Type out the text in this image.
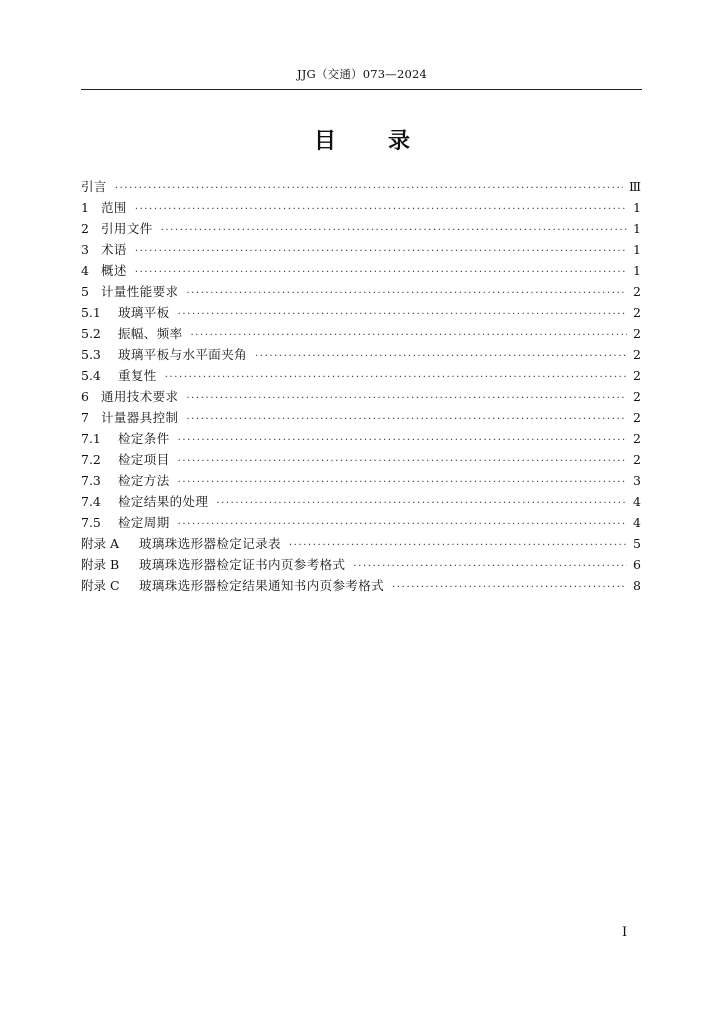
JJG（交通）073—2024
目 录
引言 ·····	Ⅲ
1 范围 ·····	1
2 引用文件 ·····	1
3 术语 ·····	1
4 概述 ·····	1
5 计量性能要求 ·····	2
5.1	玻璃平板 ·····	2
5.2	振幅、频率 ·····	2
5.3	玻璃平板与水平面夹角 ·····	2
5.4	重复性 ·····	2
6 通用技术要求 ·····	2
7 计量器具控制 ·····	2
7.1	检定条件 ·····	2
7.2	检定项目 ·····	2
7.3	检定方法 ·····	3
7.4	检定结果的处理 ·····	4
7.5	检定周期 ·····	4
附录 A	玻璃珠选形器检定记录表 ·····	5
附录 B	玻璃珠选形器检定证书内页参考格式 ·····	6
附录 C	玻璃珠选形器检定结果通知书内页参考格式 ·····	8
I
